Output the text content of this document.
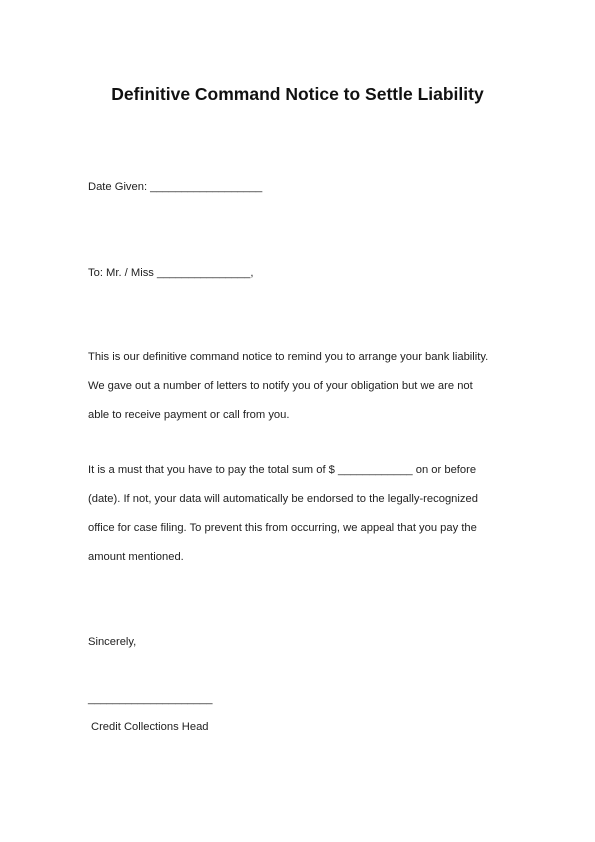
Definitive Command Notice to Settle Liability
Date Given: __________________
To: Mr. / Miss _______________,
This is our definitive command notice to remind you to arrange your bank liability.
We gave out a number of letters to notify you of your obligation but we are not
able to receive payment or call from you.
It is a must that you have to pay the total sum of $ ____________ on or before
(date). If not, your data will automatically be endorsed to the legally-recognized
office for case filing. To prevent this from occurring, we appeal that you pay the
amount mentioned.
Sincerely,
____________________
Credit Collections Head
